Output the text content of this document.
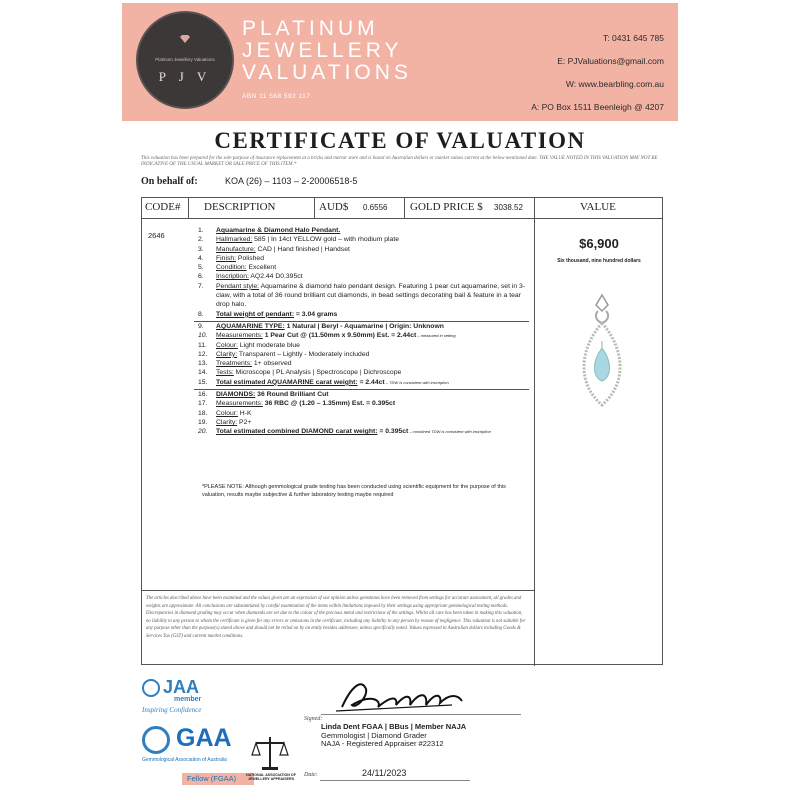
Platinum Jewellery Valuations
P J V
PLATINUM
JEWELLERY
VALUATIONS
ABN 11 568 592 117
T: 0431 645 785
E: PJValuations@gmail.com
W: www.bearbling.com.au
A: PO Box 1511 Beenleigh @ 4207
CERTIFICATE OF VALUATION
This valuation has been prepared for the sole purpose of insurance replacement at a bricks and mortar store and is based on Australian dollars or market values current at the below mentioned date. THE VALUE NOTED IN THIS VALUATION MAY NOT BE INDICATIVE OF THE USUAL MARKET OR SALE PRICE OF THIS ITEM.*
On behalf of:	KOA (26) – 1103 – 2-20006518-5
CODE# DESCRIPTION	AUD$ 0.6556 GOLD PRICE $ 3038.52	VALUE
2646
1.	Aquamarine & Diamond Halo Pendant.
2.	Hallmarked: 585 | In 14ct YELLOW gold – with rhodium plate
3.	Manufacture: CAD | Hand finished | Handset
4.	Finish: Polished
5.	Condition: Excellent
6.	Inscription: AQ2.44 D0.395ct
7.	Pendant style: Aquamarine & diamond halo pendant design. Featuring 1 pear cut aquamarine, set in 3-claw, with a total of 36 round brilliant cut diamonds, in bead settings decorating bail & feature in a tear drop halo.
8.	Total weight of pendant: = 3.04 grams
9.	AQUAMARINE TYPE: 1 Natural | Beryl - Aquamarine | Origin: Unknown
10.	Measurements: 1 Pear Cut @ (11.50mm x 9.50mm) Est. = 2.44ct – measured in setting
11.	Colour: Light moderate blue
12.	Clarity: Transparent – Lightly - Moderately included
13.	Treatments: 1+ observed
14.	Tests: Microscope | PL Analysis | Spectroscope | Dichroscope
15.	Total estimated AQUAMARINE carat weight: = 2.44ct – TDW is consistent with inscription
16.	DIAMONDS: 36 Round Brilliant Cut
17.	Measurements: 36 RBC @ (1.20 – 1.35mm) Est. = 0.395ct
18.	Colour: H-K
19.	Clarity: P2+
20.	Total estimated combined DIAMOND carat weight: = 0.395ct – combined TDW is consistent with inscription
*PLEASE NOTE: Although gemmological grade testing has been conducted using scientific equipment for the purpose of this valuation, results maybe subjective & further laboratory testing maybe required
$6,900
Six thousand, nine hundred dollars
The articles described above have been examined and the values given are an expression of our opinion unless gemstones have been removed from settings for accurate assessment, all grades and weights are approximate. All conclusions are substantiated by careful examination of the items within limitations imposed by their settings using appropriate gemmological testing methods. Discrepancies in diamond grading may occur when diamonds are set due to the colour of the precious metal and restrictions of the settings. Whilst all care has been taken in making this valuation, no liability to any person to whom the certificate is given for any errors or omissions in the certificate, including any liability to any person by reason of negligence. This valuation is not suitable for any purpose other than the purpose(s) stated above and should not be relied on by an entity besides addressee, unless specifically noted. Values expressed in Australian dollars including Goods & Services Tax (GST) and current market conditions.
JAA
member
Inspiring Confidence
GAA
Gemmological Association of Australia
Fellow (FGAA)	NATIONAL ASSOCIATION OF JEWELLERY APPRAISERS
Signed:
Linda Dent FGAA | BBus | Member NAJA
Gemmologist | Diamond Grader
NAJA - Registered Appraiser #22312
Date:	24/11/2023
